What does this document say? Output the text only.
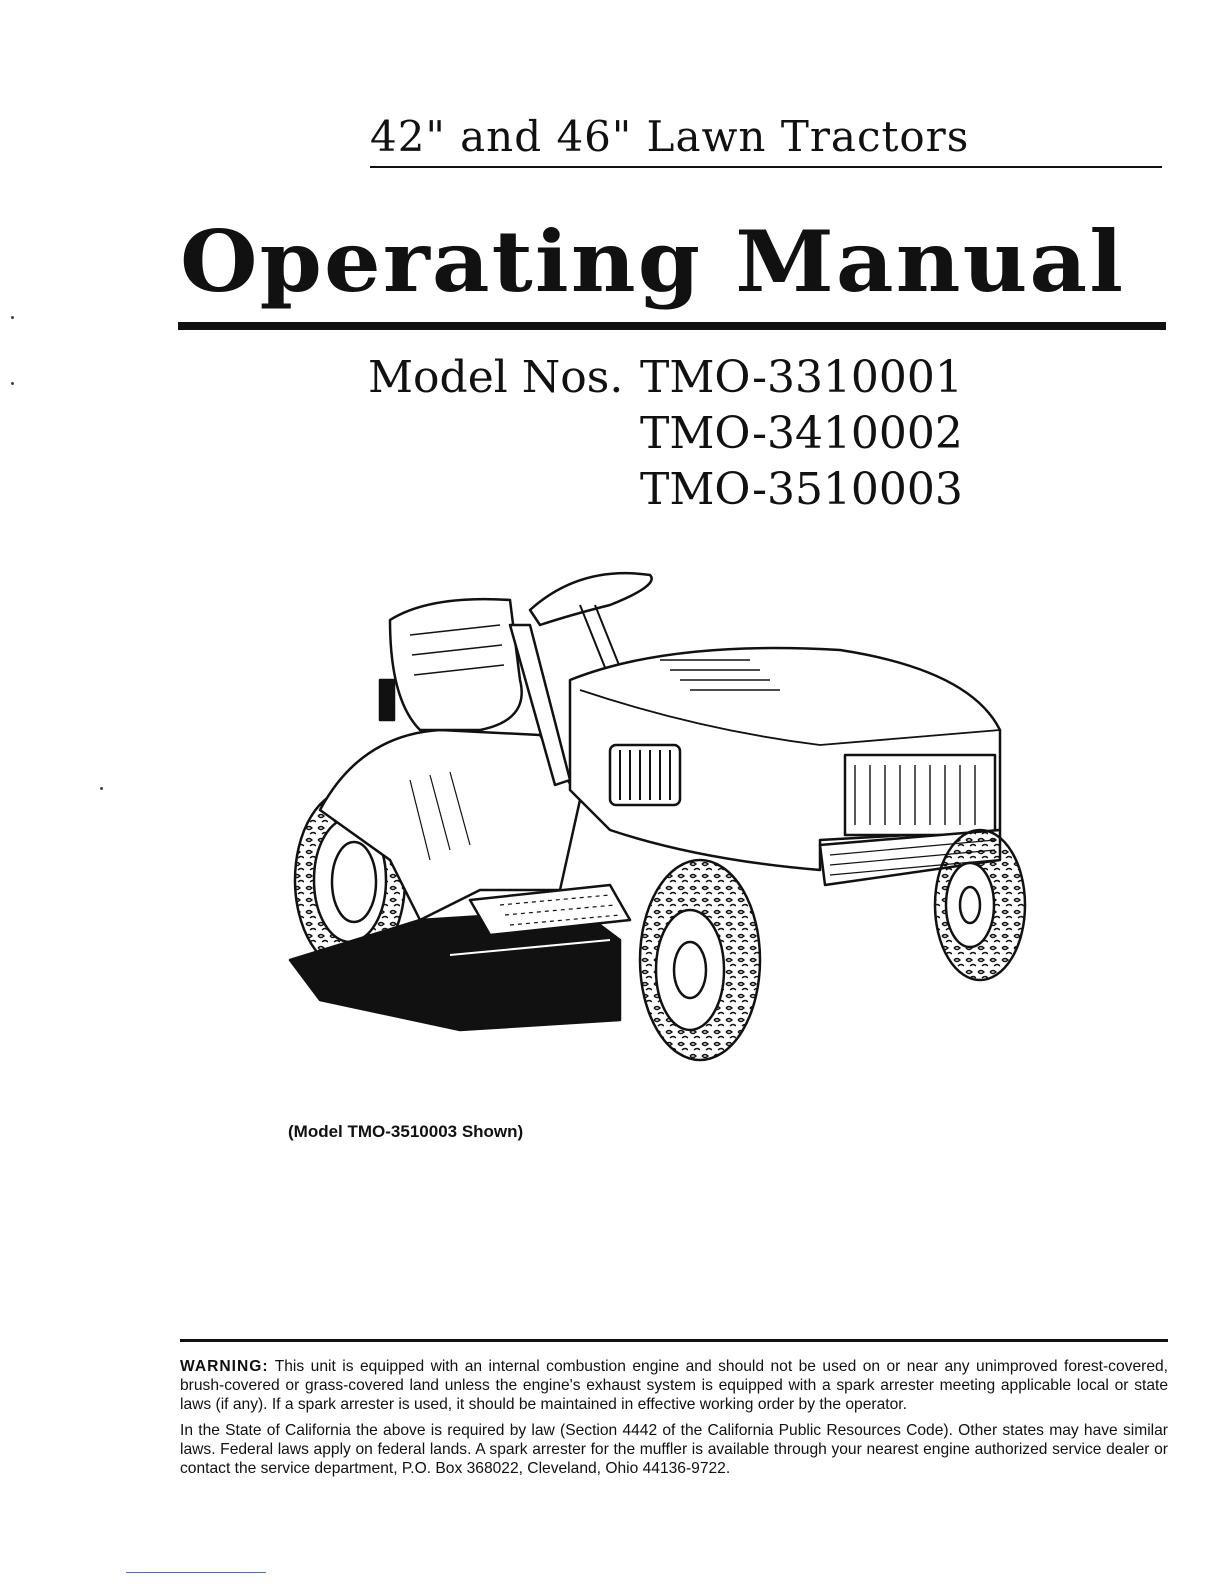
42" and 46" Lawn Tractors
Operating Manual
Model Nos. TMO-3310001
TMO-3410002
TMO-3510003
(Model TMO-3510003 Shown)

WARNING: This unit is equipped with an internal combustion engine and should not be used on or near any unimproved forest-covered, brush-covered or grass-covered land unless the engine's exhaust system is equipped with a spark arrester meeting applicable local or state laws (if any). If a spark arrester is used, it should be maintained in effective working order by the operator.

In the State of California the above is required by law (Section 4442 of the California Public Resources Code). Other states may have similar laws. Federal laws apply on federal lands. A spark arrester for the muffler is available through your nearest engine authorized service dealer or contact the service department, P.O. Box 368022, Cleveland, Ohio 44136-9722.
